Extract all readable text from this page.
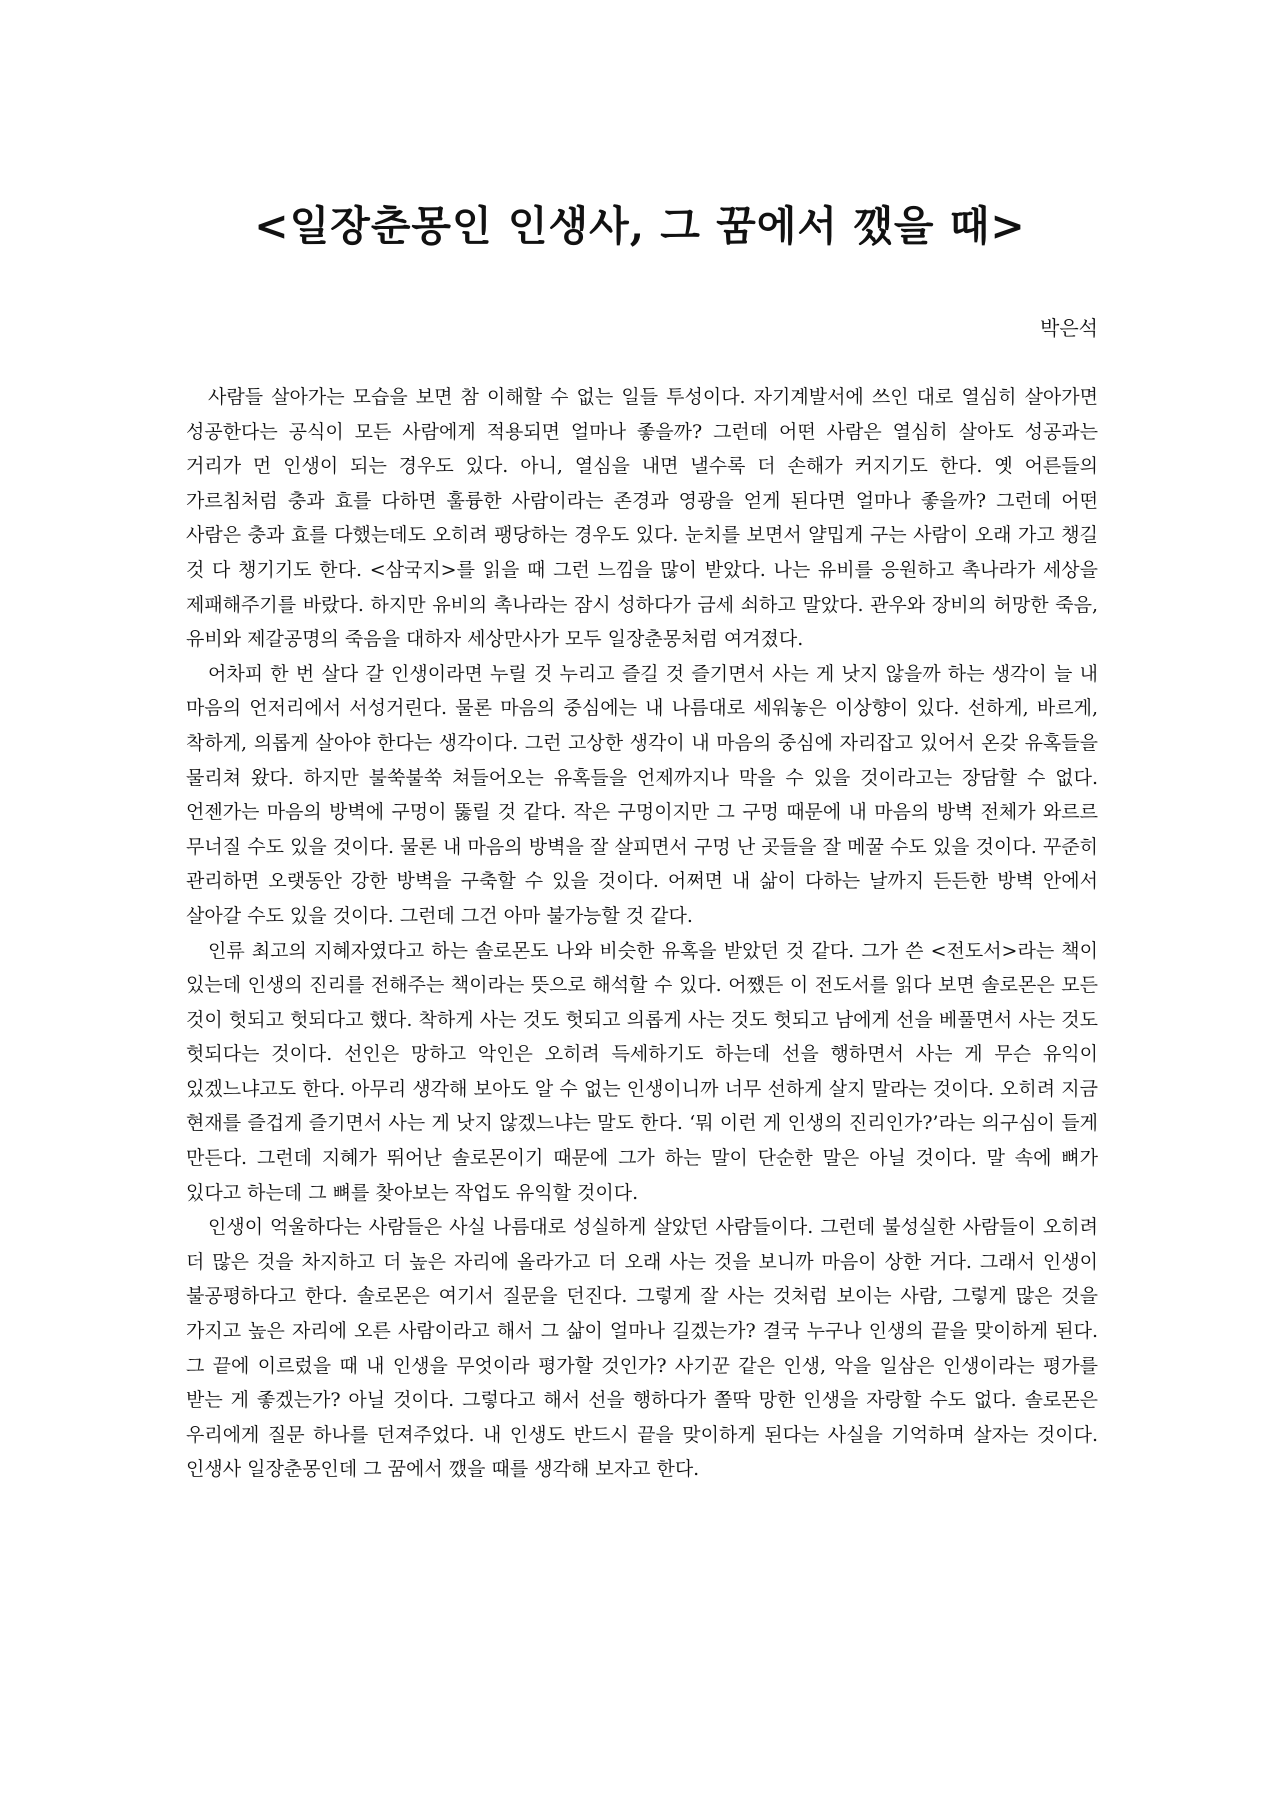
<일장춘몽인 인생사, 그 꿈에서 깼을 때>
박은석

사람들 살아가는 모습을 보면 참 이해할 수 없는 일들 투성이다. 자기계발서에 쓰인 대로 열심히 살아가면 성공한다는 공식이 모든 사람에게 적용되면 얼마나 좋을까? 그런데 어떤 사람은 열심히 살아도 성공과는 거리가 먼 인생이 되는 경우도 있다. 아니, 열심을 내면 낼수록 더 손해가 커지기도 한다. 옛 어른들의 가르침처럼 충과 효를 다하면 훌륭한 사람이라는 존경과 영광을 얻게 된다면 얼마나 좋을까? 그런데 어떤 사람은 충과 효를 다했는데도 오히려 팽당하는 경우도 있다. 눈치를 보면서 얄밉게 구는 사람이 오래 가고 챙길 것 다 챙기기도 한다. <삼국지>를 읽을 때 그런 느낌을 많이 받았다. 나는 유비를 응원하고 촉나라가 세상을 제패해주기를 바랐다. 하지만 유비의 촉나라는 잠시 성하다가 금세 쇠하고 말았다. 관우와 장비의 허망한 죽음, 유비와 제갈공명의 죽음을 대하자 세상만사가 모두 일장춘몽처럼 여겨졌다.

어차피 한 번 살다 갈 인생이라면 누릴 것 누리고 즐길 것 즐기면서 사는 게 낫지 않을까 하는 생각이 늘 내 마음의 언저리에서 서성거린다. 물론 마음의 중심에는 내 나름대로 세워놓은 이상향이 있다. 선하게, 바르게, 착하게, 의롭게 살아야 한다는 생각이다. 그런 고상한 생각이 내 마음의 중심에 자리잡고 있어서 온갖 유혹들을 물리쳐 왔다. 하지만 불쑥불쑥 쳐들어오는 유혹들을 언제까지나 막을 수 있을 것이라고는 장담할 수 없다. 언젠가는 마음의 방벽에 구멍이 뚫릴 것 같다. 작은 구멍이지만 그 구멍 때문에 내 마음의 방벽 전체가 와르르 무너질 수도 있을 것이다. 물론 내 마음의 방벽을 잘 살피면서 구멍 난 곳들을 잘 메꿀 수도 있을 것이다. 꾸준히 관리하면 오랫동안 강한 방벽을 구축할 수 있을 것이다. 어쩌면 내 삶이 다하는 날까지 든든한 방벽 안에서 살아갈 수도 있을 것이다. 그런데 그건 아마 불가능할 것 같다.

인류 최고의 지혜자였다고 하는 솔로몬도 나와 비슷한 유혹을 받았던 것 같다. 그가 쓴 <전도서>라는 책이 있는데 인생의 진리를 전해주는 책이라는 뜻으로 해석할 수 있다. 어쨌든 이 전도서를 읽다 보면 솔로몬은 모든 것이 헛되고 헛되다고 했다. 착하게 사는 것도 헛되고 의롭게 사는 것도 헛되고 남에게 선을 베풀면서 사는 것도 헛되다는 것이다. 선인은 망하고 악인은 오히려 득세하기도 하는데 선을 행하면서 사는 게 무슨 유익이 있겠느냐고도 한다. 아무리 생각해 보아도 알 수 없는 인생이니까 너무 선하게 살지 말라는 것이다. 오히려 지금 현재를 즐겁게 즐기면서 사는 게 낫지 않겠느냐는 말도 한다. ‘뭐 이런 게 인생의 진리인가?’라는 의구심이 들게 만든다. 그런데 지혜가 뛰어난 솔로몬이기 때문에 그가 하는 말이 단순한 말은 아닐 것이다. 말 속에 뼈가 있다고 하는데 그 뼈를 찾아보는 작업도 유익할 것이다.

인생이 억울하다는 사람들은 사실 나름대로 성실하게 살았던 사람들이다. 그런데 불성실한 사람들이 오히려 더 많은 것을 차지하고 더 높은 자리에 올라가고 더 오래 사는 것을 보니까 마음이 상한 거다. 그래서 인생이 불공평하다고 한다. 솔로몬은 여기서 질문을 던진다. 그렇게 잘 사는 것처럼 보이는 사람, 그렇게 많은 것을 가지고 높은 자리에 오른 사람이라고 해서 그 삶이 얼마나 길겠는가? 결국 누구나 인생의 끝을 맞이하게 된다. 그 끝에 이르렀을 때 내 인생을 무엇이라 평가할 것인가? 사기꾼 같은 인생, 악을 일삼은 인생이라는 평가를 받는 게 좋겠는가? 아닐 것이다. 그렇다고 해서 선을 행하다가 쫄딱 망한 인생을 자랑할 수도 없다. 솔로몬은 우리에게 질문 하나를 던져주었다. 내 인생도 반드시 끝을 맞이하게 된다는 사실을 기억하며 살자는 것이다. 인생사 일장춘몽인데 그 꿈에서 깼을 때를 생각해 보자고 한다.
